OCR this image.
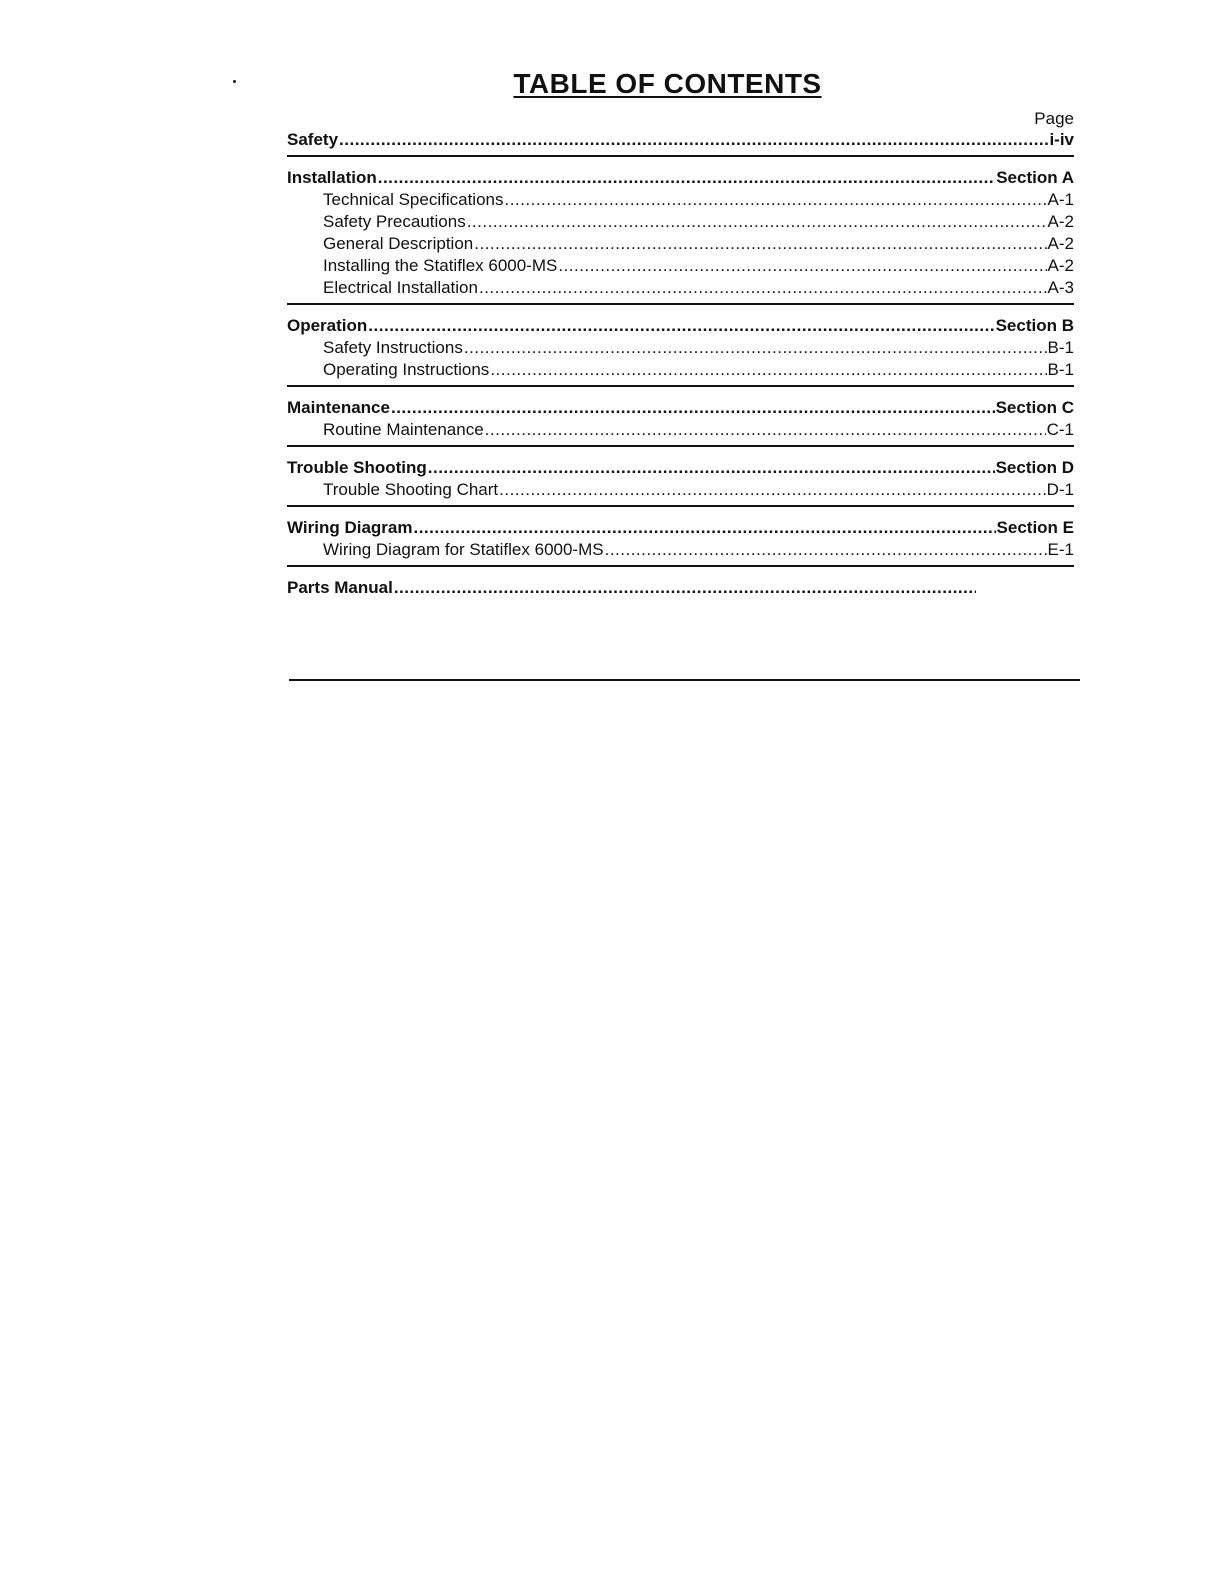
TABLE OF CONTENTS
Page
Safety .....	i-iv
Installation .....	Section A
Technical Specifications .....	A-1
Safety Precautions .....	A-2
General Description .....	A-2
Installing the Statiflex 6000-MS .....	A-2
Electrical Installation .....	A-3
Operation .....	Section B
Safety Instructions .....	B-1
Operating Instructions .....	B-1
Maintenance .....	Section C
Routine Maintenance .....	C-1
Trouble Shooting .....	Section D
Trouble Shooting Chart .....	D-1
Wiring Diagram .....	Section E
Wiring Diagram for Statiflex 6000-MS .....	E-1
Parts Manual
.....
